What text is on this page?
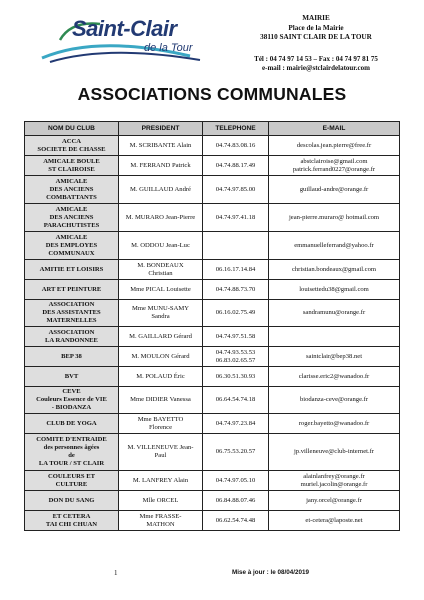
Saint-Clair
de la Tour
MAIRIE
Place de la Mairie
38110 SAINT CLAIR DE LA TOUR
Tél : 04 74 97 14 53 – Fax : 04 74 97 81 75
e-mail : mairie@stclairdelatour.com
ASSOCIATIONS COMMUNALES
NOM DU CLUB	PRESIDENT	TELEPHONE	E-MAIL

ACCA
SOCIETE DE CHASSE	M. SCRIBANTE Alain	04.74.83.08.16	descolas.jean.pierre@free.fr

AMICALE BOULE
ST CLAIROISE	M. FERRAND Patrick	04.74.88.17.49	abstclairoise@gmail.com
patrick.ferrand0227@orange.fr

AMICALE
DES ANCIENS
COMBATTANTS	M. GUILLAUD André	04.74.97.85.00	guillaud-andre@orange.fr

AMICALE
DES ANCIENS
PARACHUTISTES	M. MURARO Jean-Pierre	04.74.97.41.18	jean-pierre.muraro@ hotmail.com

AMICALE
DES EMPLOYES
COMMUNAUX	M. ODDOU Jean-Luc		emmanuelleferrand@yahoo.fr

AMITIE ET LOISIRS	M. BONDEAUX
Christian	06.16.17.14.84	christian.bondeaux@gmail.com

ART ET PEINTURE	Mme PICAL Louisette	04.74.88.73.70	louisettedu38@gmail.com

ASSOCIATION
DES ASSISTANTES
MATERNELLES	Mme MUNU-SAMY
Sandra	06.16.02.75.49	sandramunu@orange.fr

ASSOCIATION
LA RANDONNEE	M. GAILLARD Gérard	04.74.97.51.58	

BEP 38	M. MOULON Gérard	04.74.93.53.53
06.83.02.65.57	saintclair@bep38.net

BVT	M. POLAUD Éric	06.30.51.30.93	clarisse.eric2@wanadoo.fr

CEVE
Couleurs Essence de VIE
- BIODANZA	Mme DIDIER Vanessa	06.64.54.74.18	biodanza-ceve@orange.fr

CLUB DE YOGA	Mme BAYETTO
Florence	04.74.97.23.84	roger.bayetto@wanadoo.fr

COMITE D'ENTRAIDE
des personnes âgées
de
LA TOUR / ST CLAIR	M. VILLENEUVE Jean-
Paul	06.75.53.20.57	jp.villeneuve@club-internet.fr

COULEURS ET
CULTURE	M. LANFREY Alain	04.74.97.05.10	alainlanfrey@orange.fr
muriel.jacolin@orange.fr

DON DU SANG	Mlle ORCEL	06.84.88.07.46	jany.orcel@orange.fr

ET CETERA
TAI CHI CHUAN	Mme FRASSE-
MATHON	06.62.54.74.48	et-cetera@laposte.net
1	Mise à jour : le 08/04/2019
